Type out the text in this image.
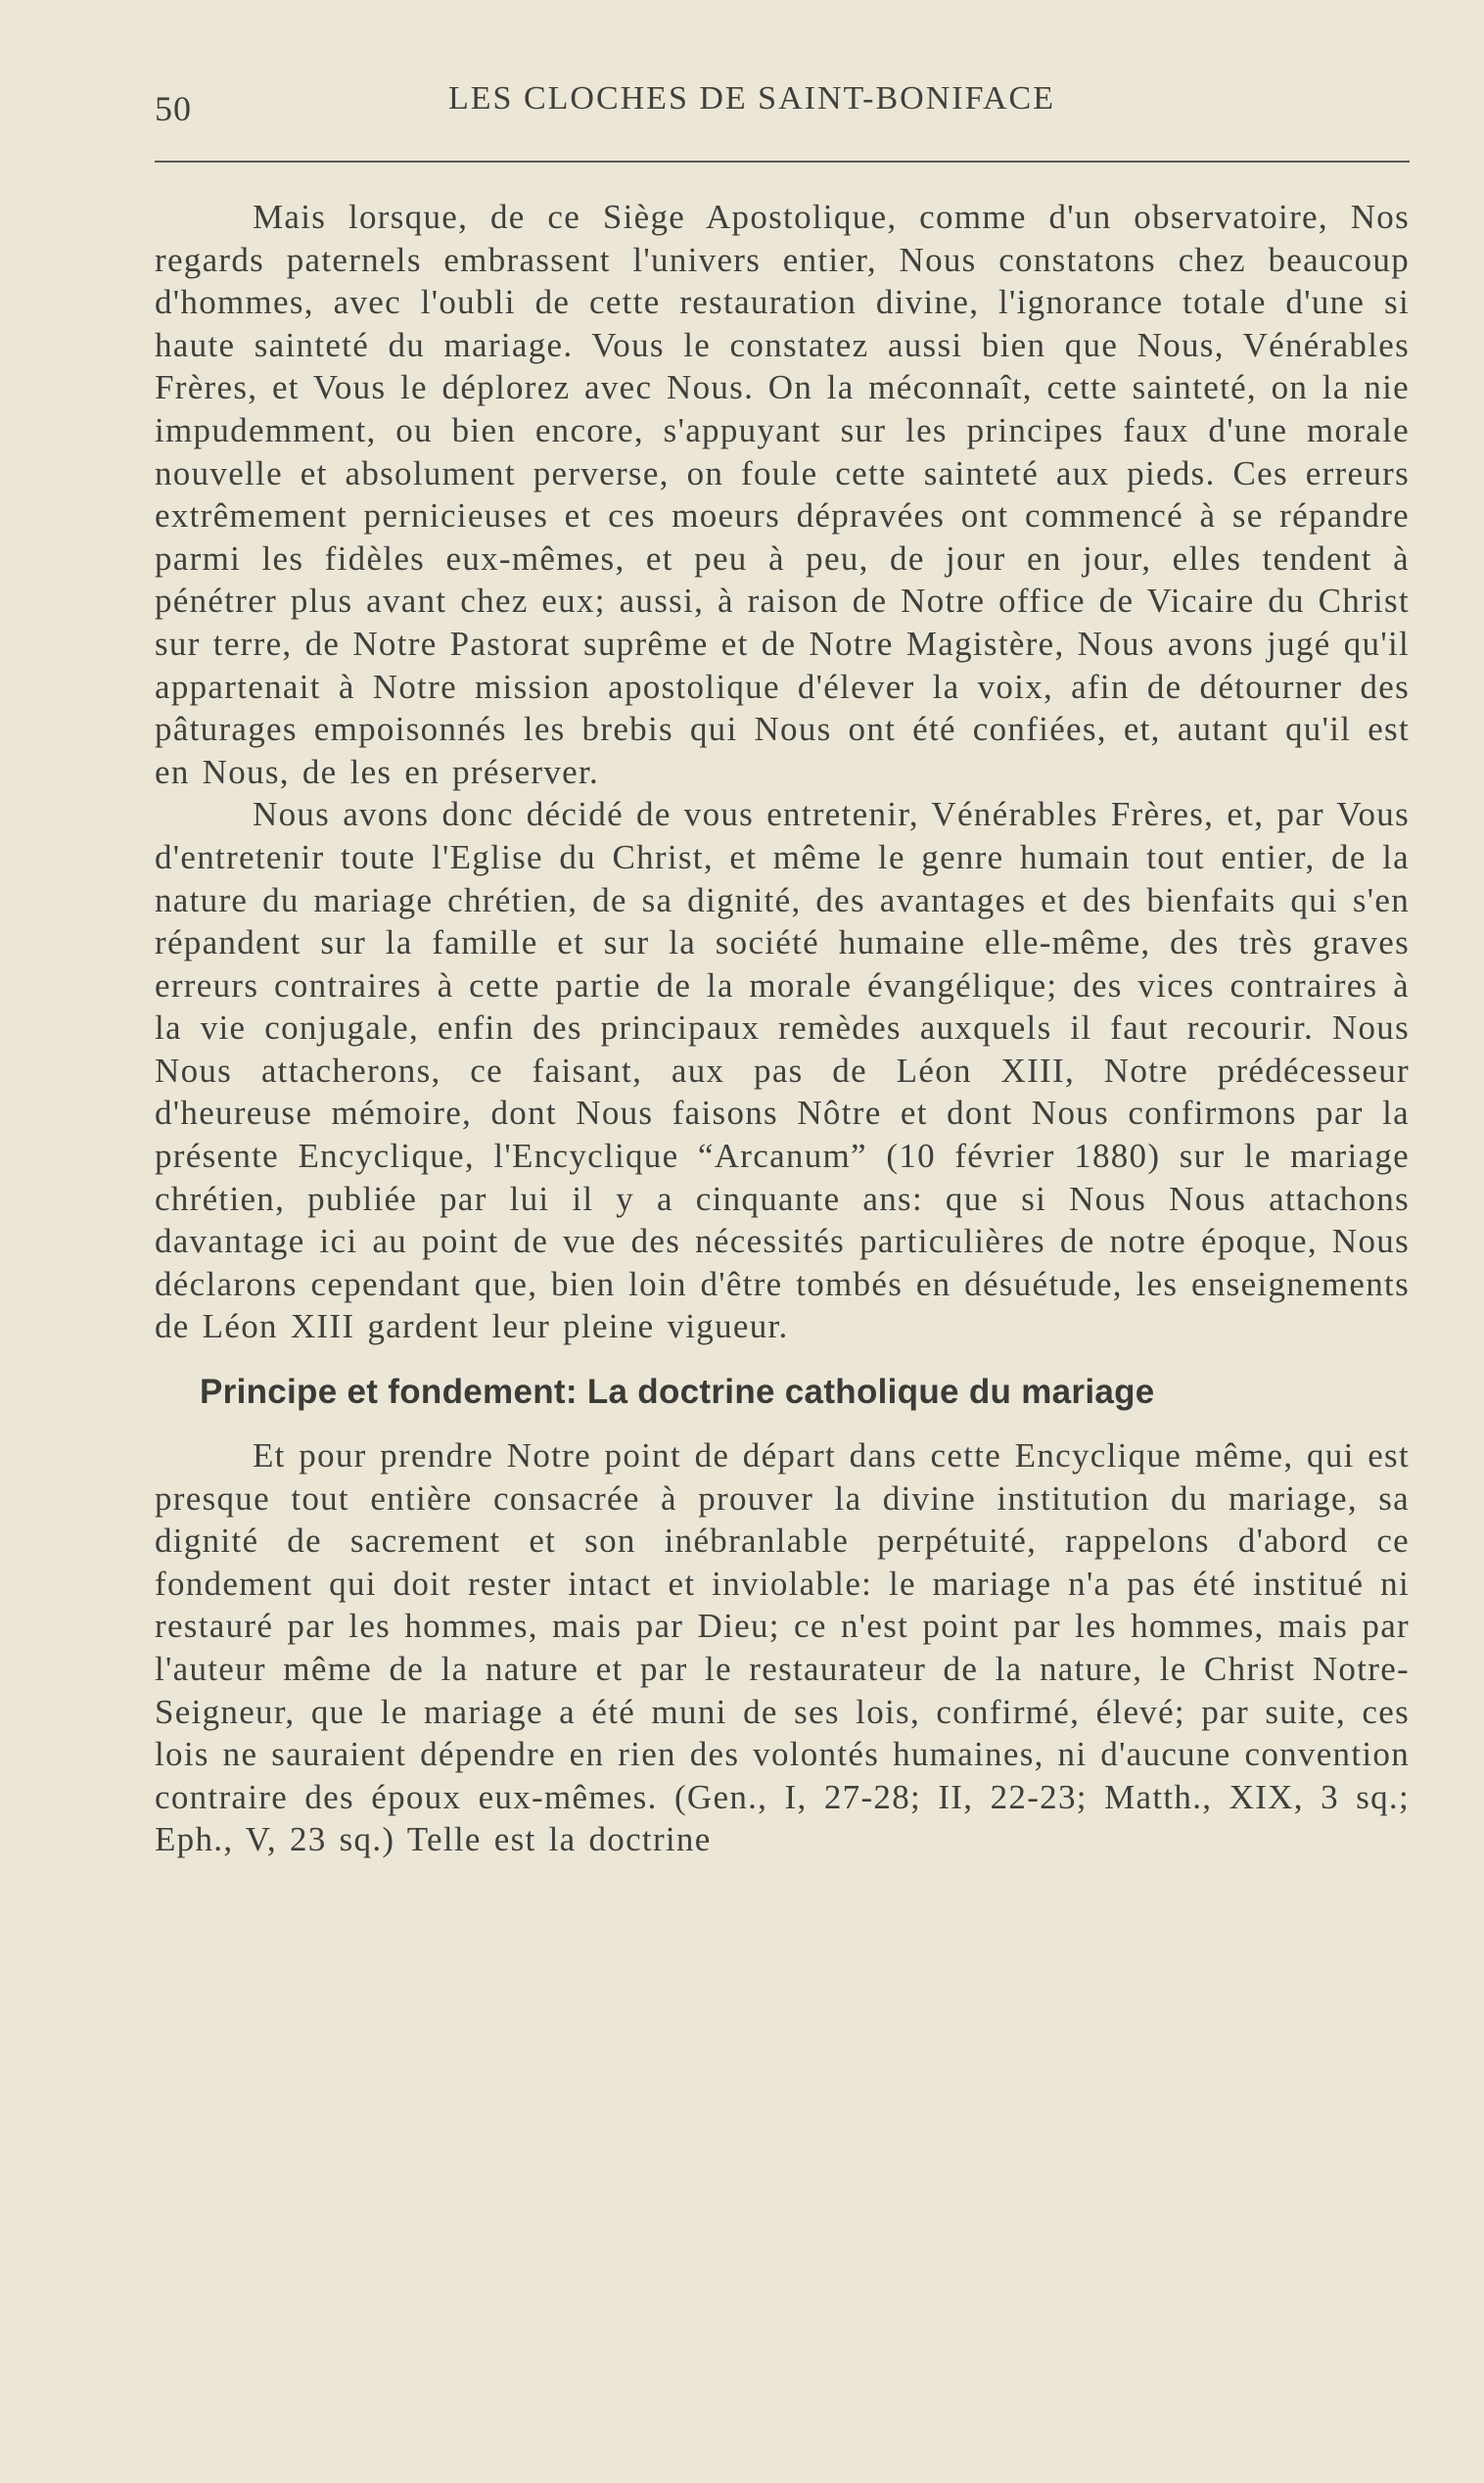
50	LES CLOCHES DE SAINT-BONIFACE

Mais lorsque, de ce Siège Apostolique, comme d'un observatoire, Nos regards paternels embrassent l'univers entier, Nous constatons chez beaucoup d'hommes, avec l'oubli de cette restauration divine, l'ignorance totale d'une si haute sainteté du mariage. Vous le constatez aussi bien que Nous, Vénérables Frères, et Vous le déplorez avec Nous. On la méconnaît, cette sainteté, on la nie impudemment, ou bien encore, s'appuyant sur les principes faux d'une morale nouvelle et absolument perverse, on foule cette sainteté aux pieds. Ces erreurs extrêmement pernicieuses et ces moeurs dépravées ont commencé à se répandre parmi les fidèles eux-mêmes, et peu à peu, de jour en jour, elles tendent à pénétrer plus avant chez eux; aussi, à raison de Notre office de Vicaire du Christ sur terre, de Notre Pastorat suprême et de Notre Magistère, Nous avons jugé qu'il appartenait à Notre mission apostolique d'élever la voix, afin de détourner des pâturages empoisonnés les brebis qui Nous ont été confiées, et, autant qu'il est en Nous, de les en préserver.

Nous avons donc décidé de vous entretenir, Vénérables Frères, et, par Vous d'entretenir toute l'Eglise du Christ, et même le genre humain tout entier, de la nature du mariage chrétien, de sa dignité, des avantages et des bienfaits qui s'en répandent sur la famille et sur la société humaine elle-même, des très graves erreurs contraires à cette partie de la morale évangélique; des vices contraires à la vie conjugale, enfin des principaux remèdes auxquels il faut recourir. Nous Nous attacherons, ce faisant, aux pas de Léon XIII, Notre prédécesseur d'heureuse mémoire, dont Nous faisons Nôtre et dont Nous confirmons par la présente Encyclique, l'Encyclique “Arcanum” (10 février 1880) sur le mariage chrétien, publiée par lui il y a cinquante ans: que si Nous Nous attachons davantage ici au point de vue des nécessités particulières de notre époque, Nous déclarons cependant que, bien loin d'être tombés en désuétude, les enseignements de Léon XIII gardent leur pleine vigueur.

Principe et fondement: La doctrine catholique du mariage

Et pour prendre Notre point de départ dans cette Encyclique même, qui est presque tout entière consacrée à prouver la divine institution du mariage, sa dignité de sacrement et son inébranlable perpétuité, rappelons d'abord ce fondement qui doit rester intact et inviolable: le mariage n'a pas été institué ni restauré par les hommes, mais par Dieu; ce n'est point par les hommes, mais par l'auteur même de la nature et par le restaurateur de la nature, le Christ Notre-Seigneur, que le mariage a été muni de ses lois, confirmé, élevé; par suite, ces lois ne sauraient dépendre en rien des volontés humaines, ni d'aucune convention contraire des époux eux-mêmes. (Gen., I, 27-28; II, 22-23; Matth., XIX, 3 sq.; Eph., V, 23 sq.) Telle est la doctrine
